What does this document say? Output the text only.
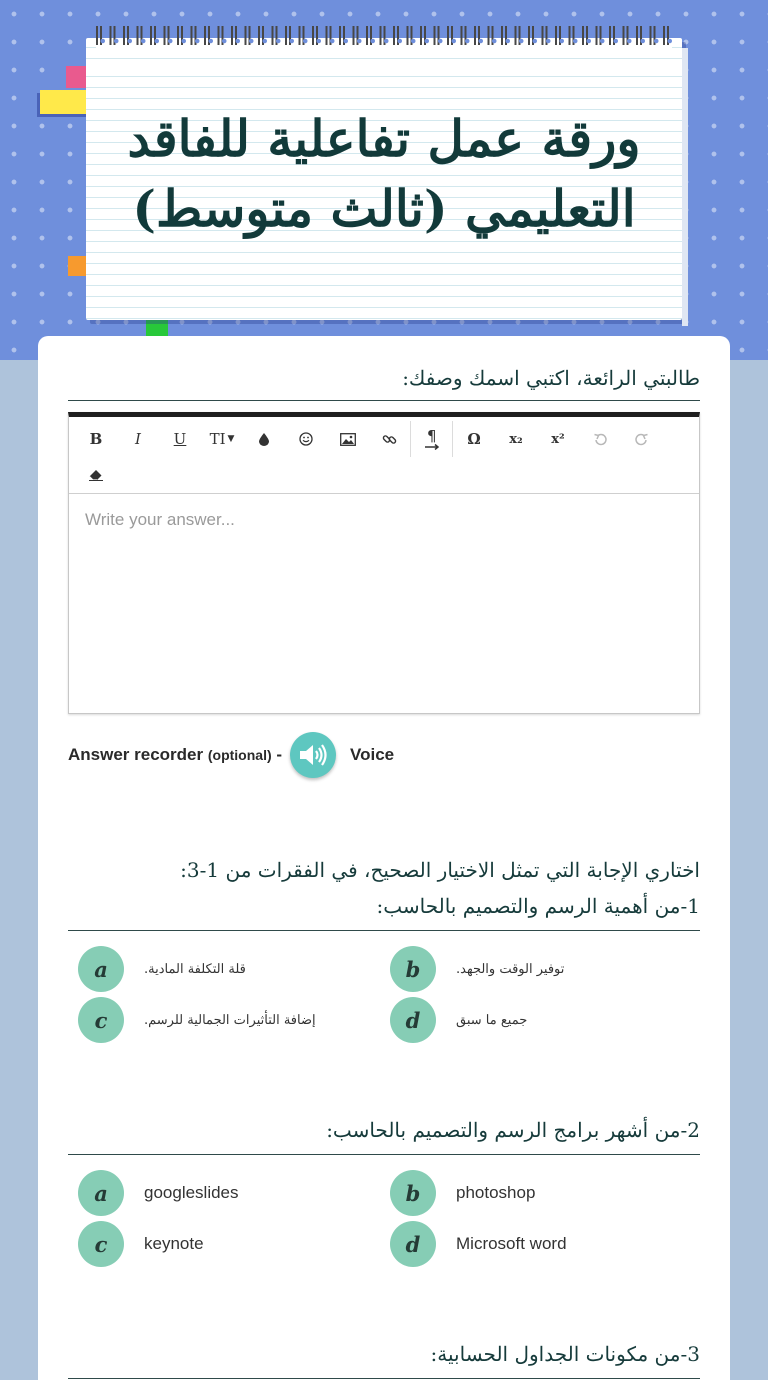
ورقة عمل تفاعلية للفاقد
التعليمي (ثالث متوسط)
طالبتي الرائعة، اكتبي اسمك وصفك:
B	I	U	TI ▼	¶	Ω	x₂	x²
Write your answer...
Answer recorder (optional) -	Voice
اختاري الإجابة التي تمثل الاختيار الصحيح، في الفقرات من 1-3:
1-من أهمية الرسم والتصميم بالحاسب:
a	قلة التكلفة المادية.	b	توفير الوقت والجهد.
c	إضافة التأثيرات الجمالية للرسم.	d	جميع ما سبق
2-من أشهر برامج الرسم والتصميم بالحاسب:
a	googleslides	b	photoshop
c	keynote	d	Microsoft word
3-من مكونات الجداول الحسابية:
